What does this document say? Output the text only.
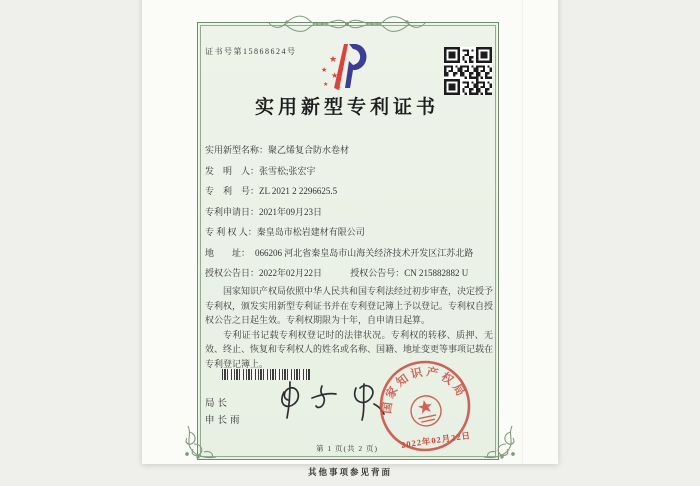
证书号第15868624号
★
★
★
★ ★
实用新型专利证书
实用新型名称：聚乙烯复合防水卷材
发　明　人：张雪松;张宏宇
专　利　号：ZL 2021 2 2296625.5
专利申请日：2021年09月23日
专 利 权 人：秦皇岛市松岩建材有限公司
地　　址： 066206 河北省秦皇岛市山海关经济技术开发区江苏北路
授权公告日：2022年02月22日	授权公告号：CN 215882882 U

国家知识产权局依照中华人民共和国专利法经过初步审查，决定授予专利权，颁发实用新型专利证书并在专利登记簿上予以登记。专利权自授权公告之日起生效。专利权期限为十年，自申请日起算。

专利证书记载专利权登记时的法律状况。专利权的转移、质押、无效、终止、恢复和专利权人的姓名或名称、国籍、地址变更等事项记载在专利登记簿上。

局长
申长雨
国家知识产权局
2022年02月22日
第 1 页(共 2 页)
其他事项参见背面
